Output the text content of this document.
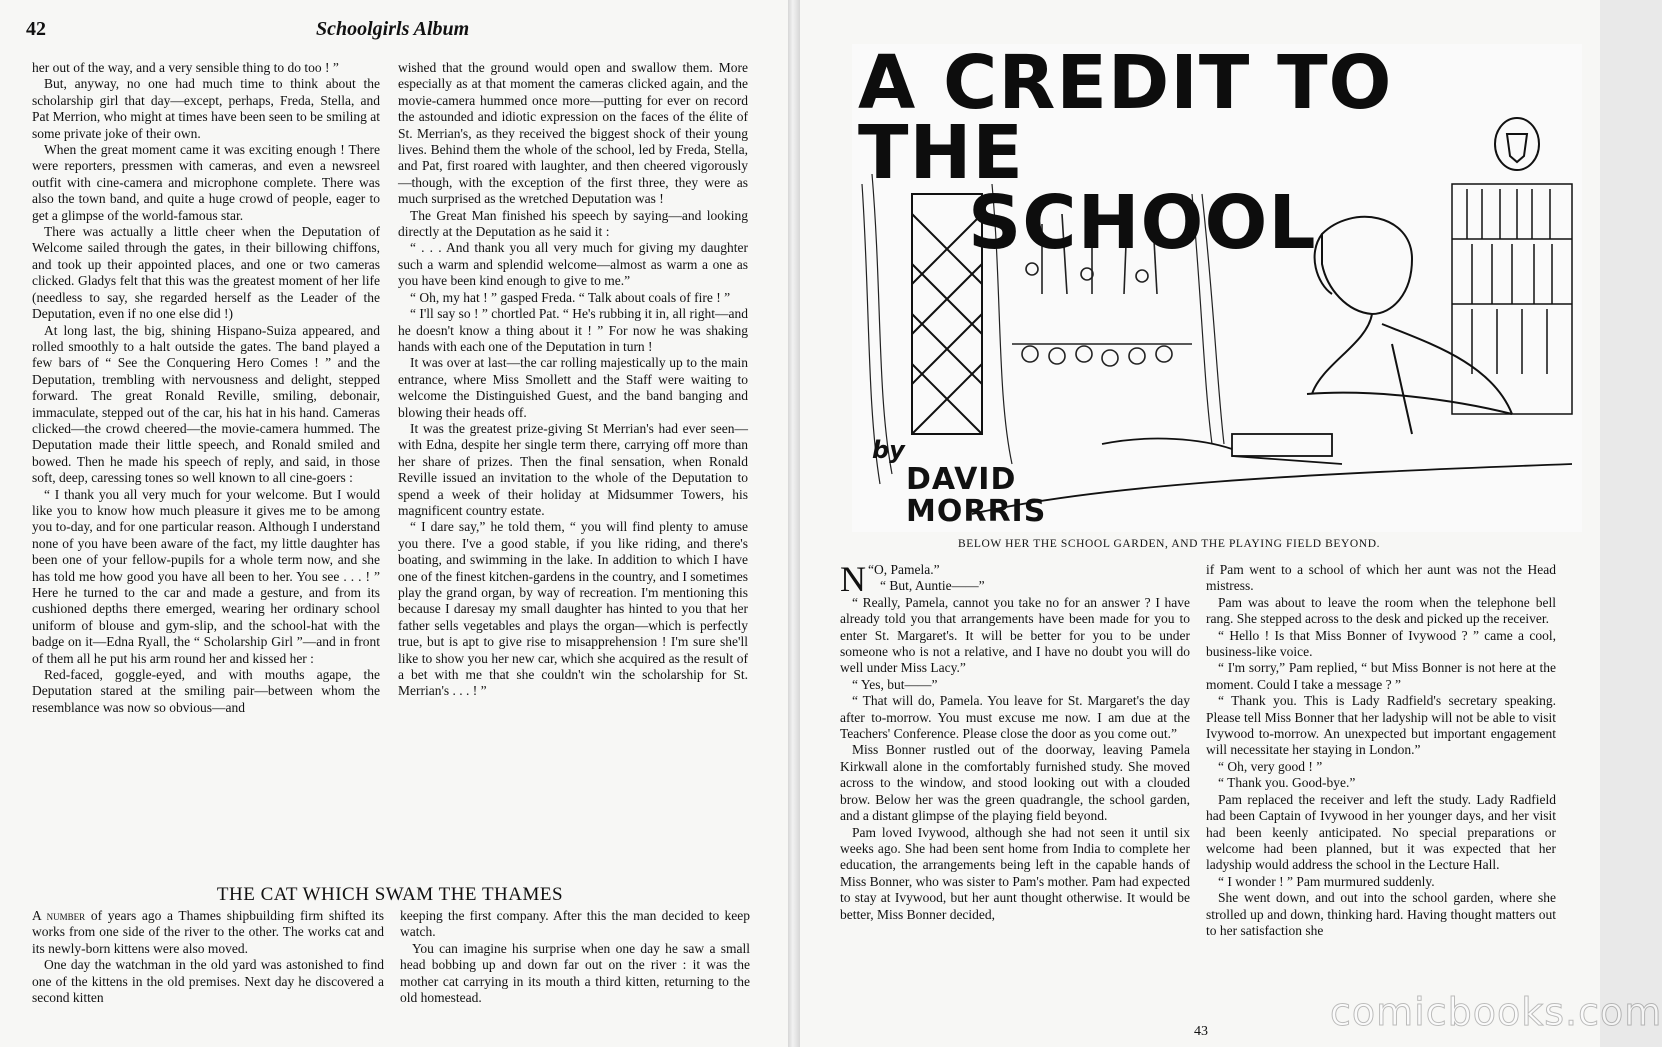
42	Schoolgirls Album

her out of the way, and a very sensible thing to do too ! ”

But, anyway, no one had much time to think about the scholarship girl that day—except, perhaps, Freda, Stella, and Pat Merrion, who might at times have been seen to be smiling at some private joke of their own.

When the great moment came it was exciting enough ! There were reporters, pressmen with cameras, and even a newsreel outfit with cine-camera and microphone complete. There was also the town band, and quite a huge crowd of people, eager to get a glimpse of the world-famous star.

There was actually a little cheer when the Deputation of Welcome sailed through the gates, in their billowing chiffons, and took up their appointed places, and one or two cameras clicked. Gladys felt that this was the greatest moment of her life (needless to say, she regarded herself as the Leader of the Deputation, even if no one else did !)

At long last, the big, shining Hispano-Suiza appeared, and rolled smoothly to a halt outside the gates. The band played a few bars of “ See the Conquering Hero Comes ! ” and the Deputation, trembling with nervousness and delight, stepped forward. The great Ronald Reville, smiling, debonair, immaculate, stepped out of the car, his hat in his hand. Cameras clicked—the crowd cheered—the movie-camera hummed. The Deputation made their little speech, and Ronald smiled and bowed. Then he made his speech of reply, and said, in those soft, deep, caressing tones so well known to all cine-goers :

“ I thank you all very much for your welcome. But I would like you to know how much pleasure it gives me to be among you to-day, and for one particular reason. Although I understand none of you have been aware of the fact, my little daughter has been one of your fellow-pupils for a whole term now, and she has told me how good you have all been to her. You see . . . ! ” Here he turned to the car and made a gesture, and from its cushioned depths there emerged, wearing her ordinary school uniform of blouse and gym-slip, and the school-hat with the badge on it—Edna Ryall, the “ Scholarship Girl ”—and in front of them all he put his arm round her and kissed her :

Red-faced, goggle-eyed, and with mouths agape, the Deputation stared at the smiling pair—between whom the resemblance was now so obvious—and

wished that the ground would open and swallow them. More especially as at that moment the cameras clicked again, and the movie-camera hummed once more—putting for ever on record the astounded and idiotic expression on the faces of the élite of St. Merrian's, as they received the biggest shock of their young lives. Behind them the whole of the school, led by Freda, Stella, and Pat, first roared with laughter, and then cheered vigorously—though, with the exception of the first three, they were as much surprised as the wretched Deputation was !

The Great Man finished his speech by saying—and looking directly at the Deputation as he said it :

“ . . . And thank you all very much for giving my daughter such a warm and splendid welcome—almost as warm a one as you have been kind enough to give to me.”

“ Oh, my hat ! ” gasped Freda. “ Talk about coals of fire ! ”

“ I'll say so ! ” chortled Pat. “ He's rubbing it in, all right—and he doesn't know a thing about it ! ” For now he was shaking hands with each one of the Deputation in turn !

It was over at last—the car rolling majestically up to the main entrance, where Miss Smollett and the Staff were waiting to welcome the Distinguished Guest, and the band banging and blowing their heads off.

It was the greatest prize-giving St Merrian's had ever seen—with Edna, despite her single term there, carrying off more than her share of prizes. Then the final sensation, when Ronald Reville issued an invitation to the whole of the Deputation to spend a week of their holiday at Midsummer Towers, his magnificent country estate.

“ I dare say,” he told them, “ you will find plenty to amuse you there. I've a good stable, if you like riding, and there's boating, and swimming in the lake. In addition to which I have one of the finest kitchen-gardens in the country, and I sometimes play the grand organ, by way of recreation. I'm mentioning this because I daresay my small daughter has hinted to you that her father sells vegetables and plays the organ—which is perfectly true, but is apt to give rise to misapprehension ! I'm sure she'll like to show you her new car, which she acquired as the result of a bet with me that she couldn't win the scholarship for St. Merrian's . . . ! ”

THE CAT WHICH SWAM THE THAMES

A number of years ago a Thames shipbuilding firm shifted its works from one side of the river to the other. The works cat and its newly-born kittens were also moved.

One day the watchman in the old yard was astonished to find one of the kittens in the old premises. Next day he discovered a second kitten

keeping the first company. After this the man decided to keep watch.

You can imagine his surprise when one day he saw a small head bobbing up and down far out on the river : it was the mother cat carrying in its mouth a third kitten, returning to the old homestead.

A CREDIT TO THE
SCHOOL
by
DAVID
MORRIS
BELOW HER THE SCHOOL GARDEN, AND THE PLAYING FIELD BEYOND.

“
N O, Pamela.”

“ But, Auntie——”

“ Really, Pamela, cannot you take no for an answer ? I have already told you that arrangements have been made for you to enter St. Margaret's. It will be better for you to be under someone who is not a relative, and I have no doubt you will do well under Miss Lacy.”

“ Yes, but——”

“ That will do, Pamela. You leave for St. Margaret's the day after to-morrow. You must excuse me now. I am due at the Teachers' Conference. Please close the door as you come out.”

Miss Bonner rustled out of the doorway, leaving Pamela Kirkwall alone in the comfortably furnished study. She moved across to the window, and stood looking out with a clouded brow. Below her was the green quadrangle, the school garden, and a distant glimpse of the playing field beyond.

Pam loved Ivywood, although she had not seen it until six weeks ago. She had been sent home from India to complete her education, the arrangements being left in the capable hands of Miss Bonner, who was sister to Pam's mother. Pam had expected to stay at Ivywood, but her aunt thought otherwise. It would be better, Miss Bonner decided,

if Pam went to a school of which her aunt was not the Head mistress.

Pam was about to leave the room when the telephone bell rang. She stepped across to the desk and picked up the receiver.

“ Hello ! Is that Miss Bonner of Ivywood ? ” came a cool, business-like voice.

“ I'm sorry,” Pam replied, “ but Miss Bonner is not here at the moment. Could I take a message ? ”

“ Thank you. This is Lady Radfield's secretary speaking. Please tell Miss Bonner that her ladyship will not be able to visit Ivywood to-morrow. An unexpected but important engagement will necessitate her staying in London.”

“ Oh, very good ! ”

“ Thank you. Good-bye.”

Pam replaced the receiver and left the study. Lady Radfield had been Captain of Ivywood in her younger days, and her visit had been keenly anticipated. No special preparations or welcome had been planned, but it was expected that her ladyship would address the school in the Lecture Hall.

“ I wonder ! ” Pam murmured suddenly.

She went down, and out into the school garden, where she strolled up and down, thinking hard. Having thought matters out to her satisfaction she

43	comicbooks.com
